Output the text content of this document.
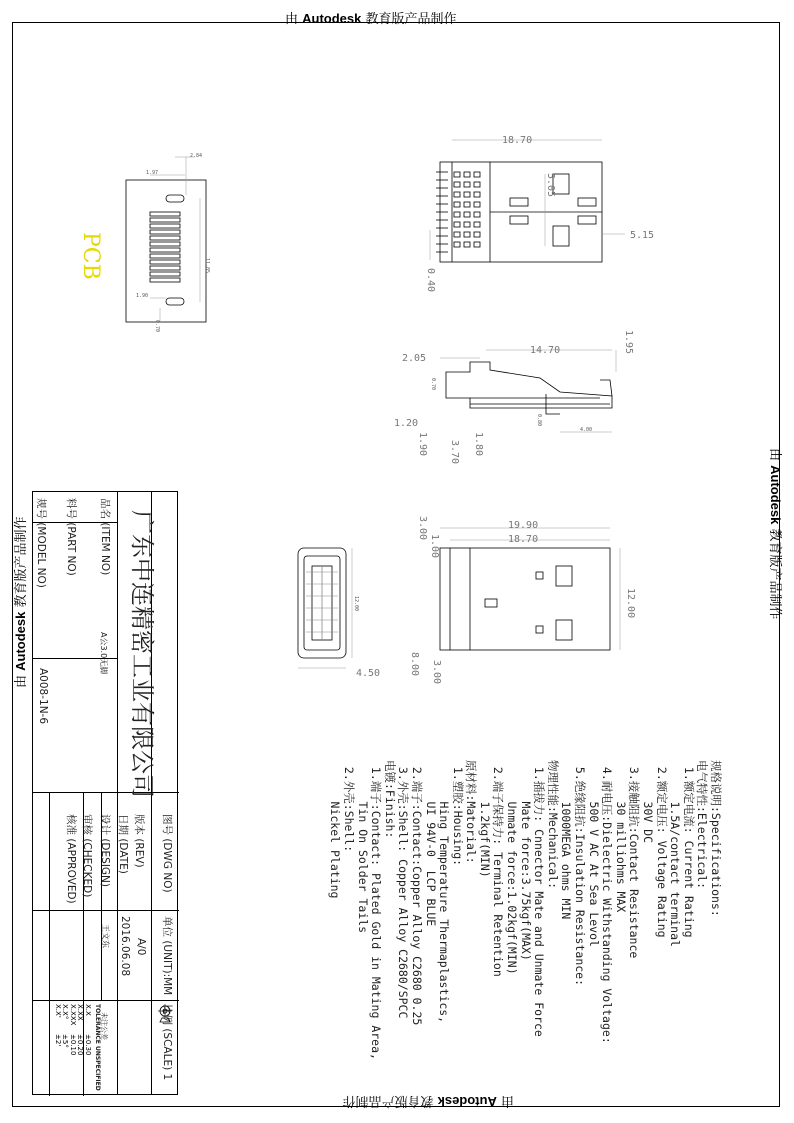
由 Autodesk 教育版产品制作
由 Autodesk 教育版产品制作
由 Autodesk 教育版产品制作
由 Autodesk 教育版产品制作
2.84
1.97
11.85
1.90
0.70
PCB
18.70
5.05
5.15
0.40
14.70
2.05
1.95
0.70
1.20
1.90 3.70 1.80
4.00
0.80
19.90
18.70
12.00
1.00
3.00
8.00 3.00
4.50
12.00
规格说明:Specifications:
电气特性:Electrical:
1.额定电流: Current Rating
1.5A/contact terminal
2.额定电压: Voltage Rating
30V DC
3.接触阻抗:Contact Resistance
30 milliohms MAX
4.耐电压:Dielectric Withstanding Voltage:
500 V AC At Sea Levol
5.绝缘阻抗:Insulation Resistance:
1000MEGA ohms MIN
物理性能:Mechanical:
1.插拔力: Cnnector Mate and Unmate Force
Mate force:3.75kgf(MAX)
Unmate force:1.02kgf(MIN)
2.端子保持力: Terminal Retention
1.2kgf(MIN)
原材料:Matorial:
1.塑胶:Housing:
Hing Temperature Thermaplastics,
UI 94V-0  LCP BLUE
2.端子:Contact:Copper Alloy C2680 0.25
3.外壳:Shell: Copper Alloy C2680/SPCC
电镀:Finish:
1.端子:Contact: Plated Gold in Mating Area,
Tin On Solder Tails
2.外壳:Shell:
Nickel Plating
广东中连精密工业有限公司
品名 (ITEM NO)
A公3.0无脚
料号 (PART NO)
规号 (MODEL NO)
A008-1N-6
图号 (DWG NO)
单位 (UNIT):MM
版本 (REV)
A/0
比例 (SCALE) 1
日期 (DATE)
2016.06.08
设计 (DESIGN)
王文东
审核 (CHECKED)
核准 (APPROVED)
未注公差
TOLERANCE UNSPECIFIED
X.X±0.30
X.XX±0.20
X.XXX±0.10
X.X°±5°
X.X'±2'
